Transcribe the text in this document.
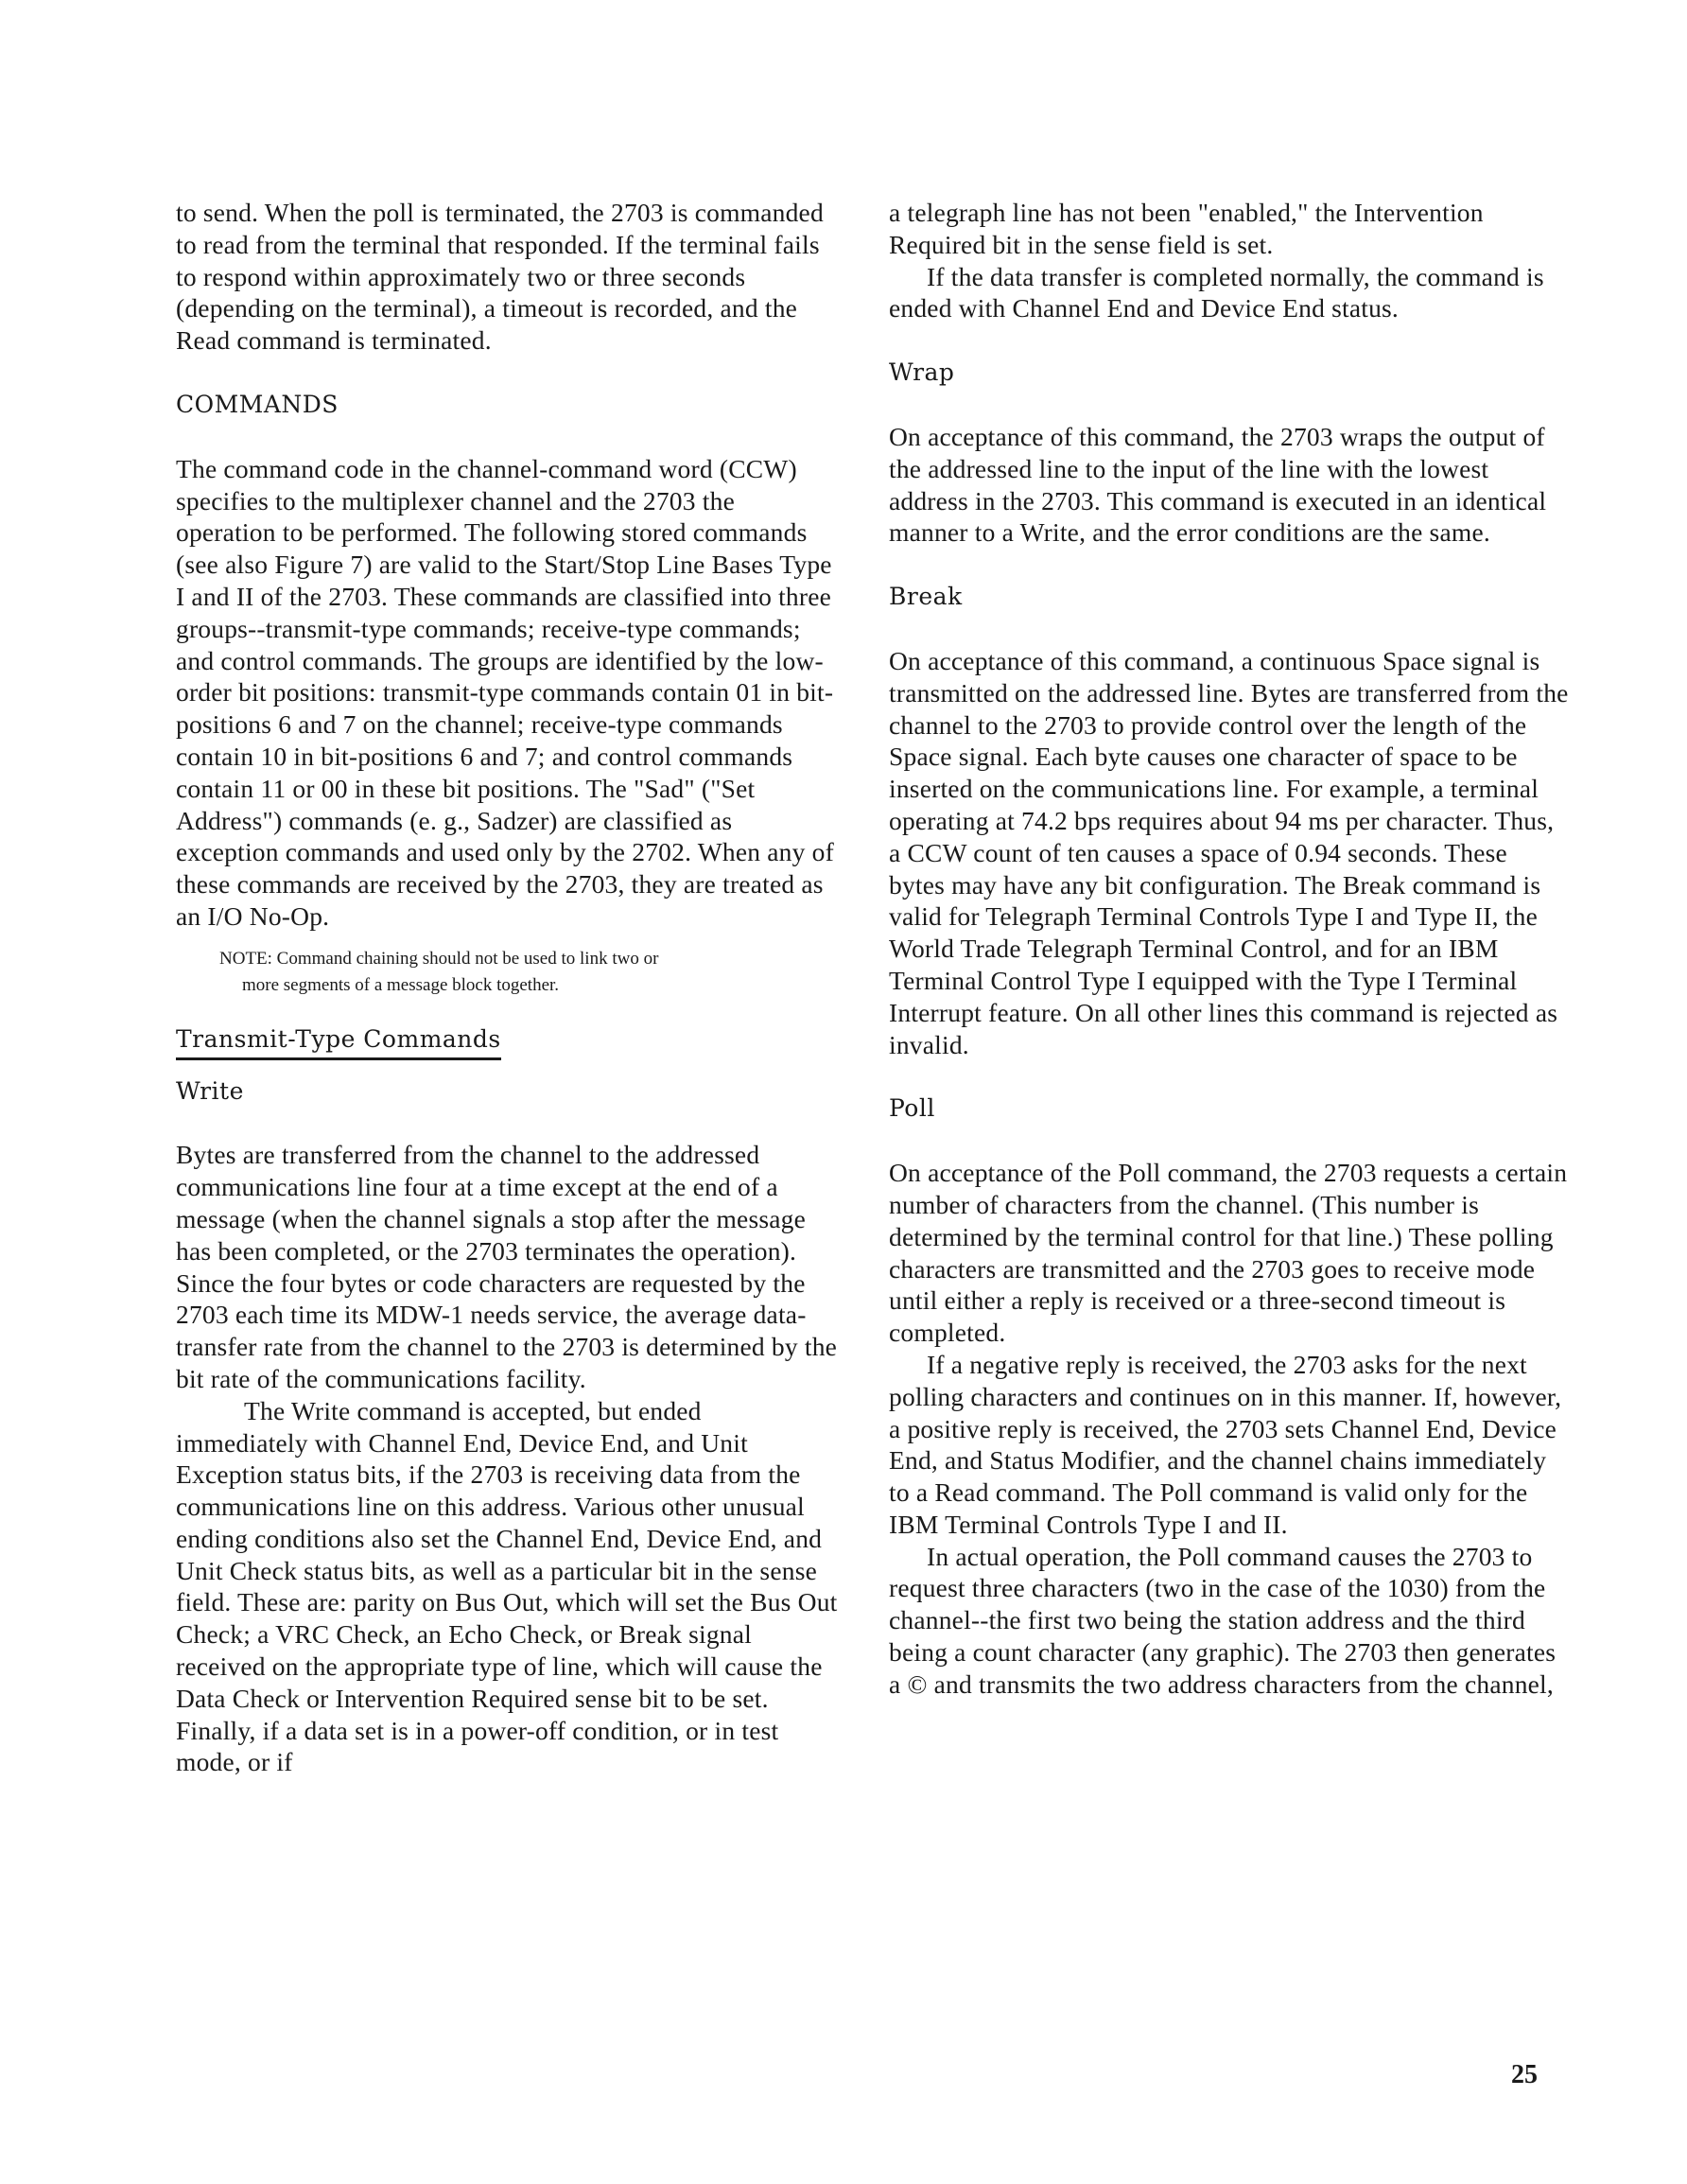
to send. When the poll is terminated, the 2703 is commanded to read from the terminal that responded. If the terminal fails to respond within approximately two or three seconds (depending on the terminal), a timeout is recorded, and the Read command is terminated.

COMMANDS

The command code in the channel-command word (CCW) specifies to the multiplexer channel and the 2703 the operation to be performed. The following stored commands (see also Figure 7) are valid to the Start/Stop Line Bases Type I and II of the 2703. These commands are classified into three groups--transmit-type commands; receive-type commands; and control commands. The groups are identified by the low-order bit positions: transmit-type commands contain 01 in bit-positions 6 and 7 on the channel; receive-type commands contain 10 in bit-positions 6 and 7; and control commands contain 11 or 00 in these bit positions. The "Sad" ("Set Address") commands (e. g., Sadzer) are classified as exception commands and used only by the 2702. When any of these commands are received by the 2703, they are treated as an I/O No-Op.

NOTE: Command chaining should not be used to link two or
more segments of a message block together.

Transmit-Type Commands

Write

Bytes are transferred from the channel to the addressed communications line four at a time except at the end of a message (when the channel signals a stop after the message has been completed, or the 2703 terminates the operation). Since the four bytes or code characters are requested by the 2703 each time its MDW-1 needs service, the average data-transfer rate from the channel to the 2703 is determined by the bit rate of the communications facility.

The Write command is accepted, but ended immediately with Channel End, Device End, and Unit Exception status bits, if the 2703 is receiving data from the communications line on this address. Various other unusual ending conditions also set the Channel End, Device End, and Unit Check status bits, as well as a particular bit in the sense field. These are: parity on Bus Out, which will set the Bus Out Check; a VRC Check, an Echo Check, or Break signal received on the appropriate type of line, which will cause the Data Check or Intervention Required sense bit to be set. Finally, if a data set is in a power-off condition, or in test mode, or if

a telegraph line has not been "enabled," the Intervention Required bit in the sense field is set.

If the data transfer is completed normally, the command is ended with Channel End and Device End status.

Wrap

On acceptance of this command, the 2703 wraps the output of the addressed line to the input of the line with the lowest address in the 2703. This command is executed in an identical manner to a Write, and the error conditions are the same.

Break

On acceptance of this command, a continuous Space signal is transmitted on the addressed line. Bytes are transferred from the channel to the 2703 to provide control over the length of the Space signal. Each byte causes one character of space to be inserted on the communications line. For example, a terminal operating at 74.2 bps requires about 94 ms per character. Thus, a CCW count of ten causes a space of 0.94 seconds. These bytes may have any bit configuration. The Break command is valid for Telegraph Terminal Controls Type I and Type II, the World Trade Telegraph Terminal Control, and for an IBM Terminal Control Type I equipped with the Type I Terminal Interrupt feature. On all other lines this command is rejected as invalid.

Poll

On acceptance of the Poll command, the 2703 requests a certain number of characters from the channel. (This number is determined by the terminal control for that line.) These polling characters are transmitted and the 2703 goes to receive mode until either a reply is received or a three-second timeout is completed.

If a negative reply is received, the 2703 asks for the next polling characters and continues on in this manner. If, however, a positive reply is received, the 2703 sets Channel End, Device End, and Status Modifier, and the channel chains immediately to a Read command. The Poll command is valid only for the IBM Terminal Controls Type I and II.

In actual operation, the Poll command causes the 2703 to request three characters (two in the case of the 1030) from the channel--the first two being the station address and the third being a count character (any graphic). The 2703 then generates a © and transmits the two address characters from the channel,

25
